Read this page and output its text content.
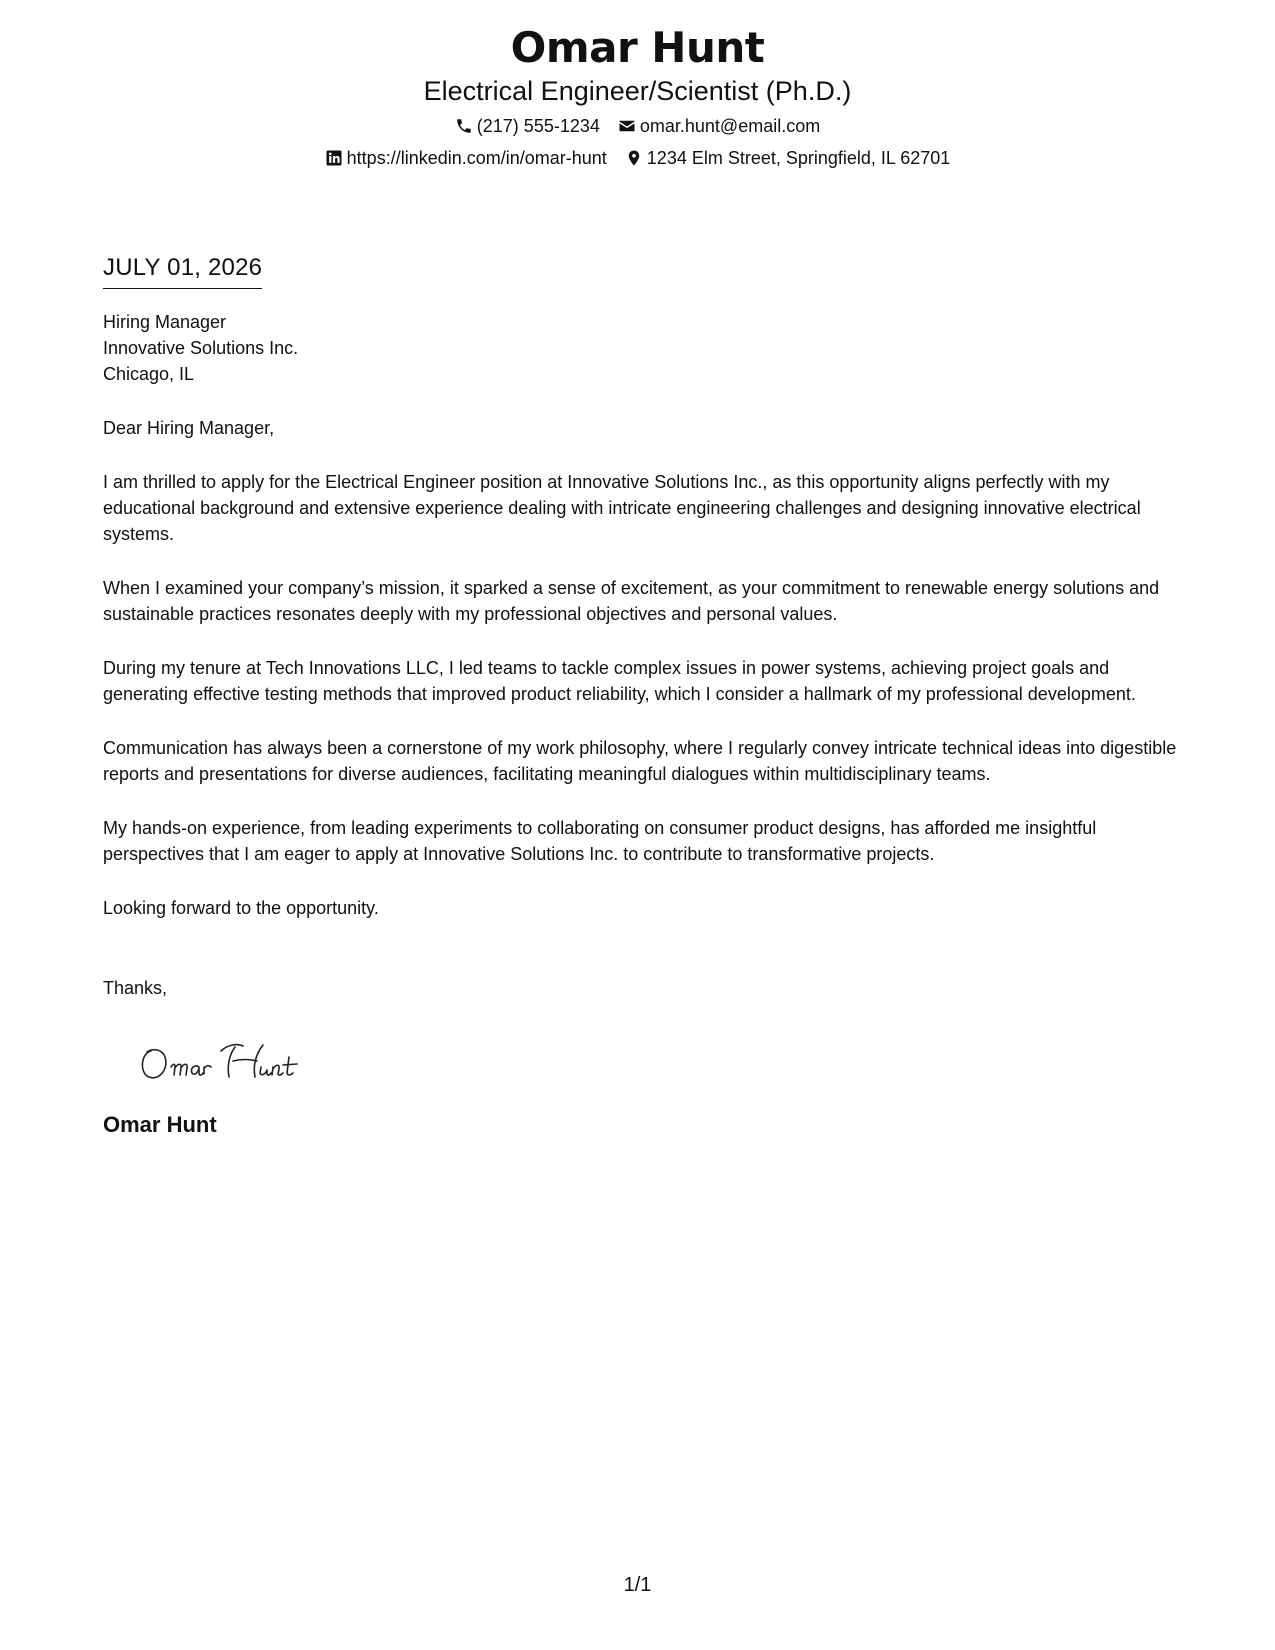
Omar Hunt
Electrical Engineer/Scientist (Ph.D.)
(217) 555-1234 omar.hunt@email.com
https://linkedin.com/in/omar-hunt 1234 Elm Street, Springfield, IL 62701
JULY 01, 2026
Hiring Manager
Innovative Solutions Inc.
Chicago, IL
Dear Hiring Manager,
I am thrilled to apply for the Electrical Engineer position at Innovative Solutions Inc., as this opportunity aligns perfectly with my educational background and extensive experience dealing with intricate engineering challenges and designing innovative electrical systems.
When I examined your company’s mission, it sparked a sense of excitement, as your commitment to renewable energy solutions and sustainable practices resonates deeply with my professional objectives and personal values.
During my tenure at Tech Innovations LLC, I led teams to tackle complex issues in power systems, achieving project goals and generating effective testing methods that improved product reliability, which I consider a hallmark of my professional development.
Communication has always been a cornerstone of my work philosophy, where I regularly convey intricate technical ideas into digestible reports and presentations for diverse audiences, facilitating meaningful dialogues within multidisciplinary teams.
My hands-on experience, from leading experiments to collaborating on consumer product designs, has afforded me insightful perspectives that I am eager to apply at Innovative Solutions Inc. to contribute to transformative projects.
Looking forward to the opportunity.
Thanks,
Omar Hunt
1/1
